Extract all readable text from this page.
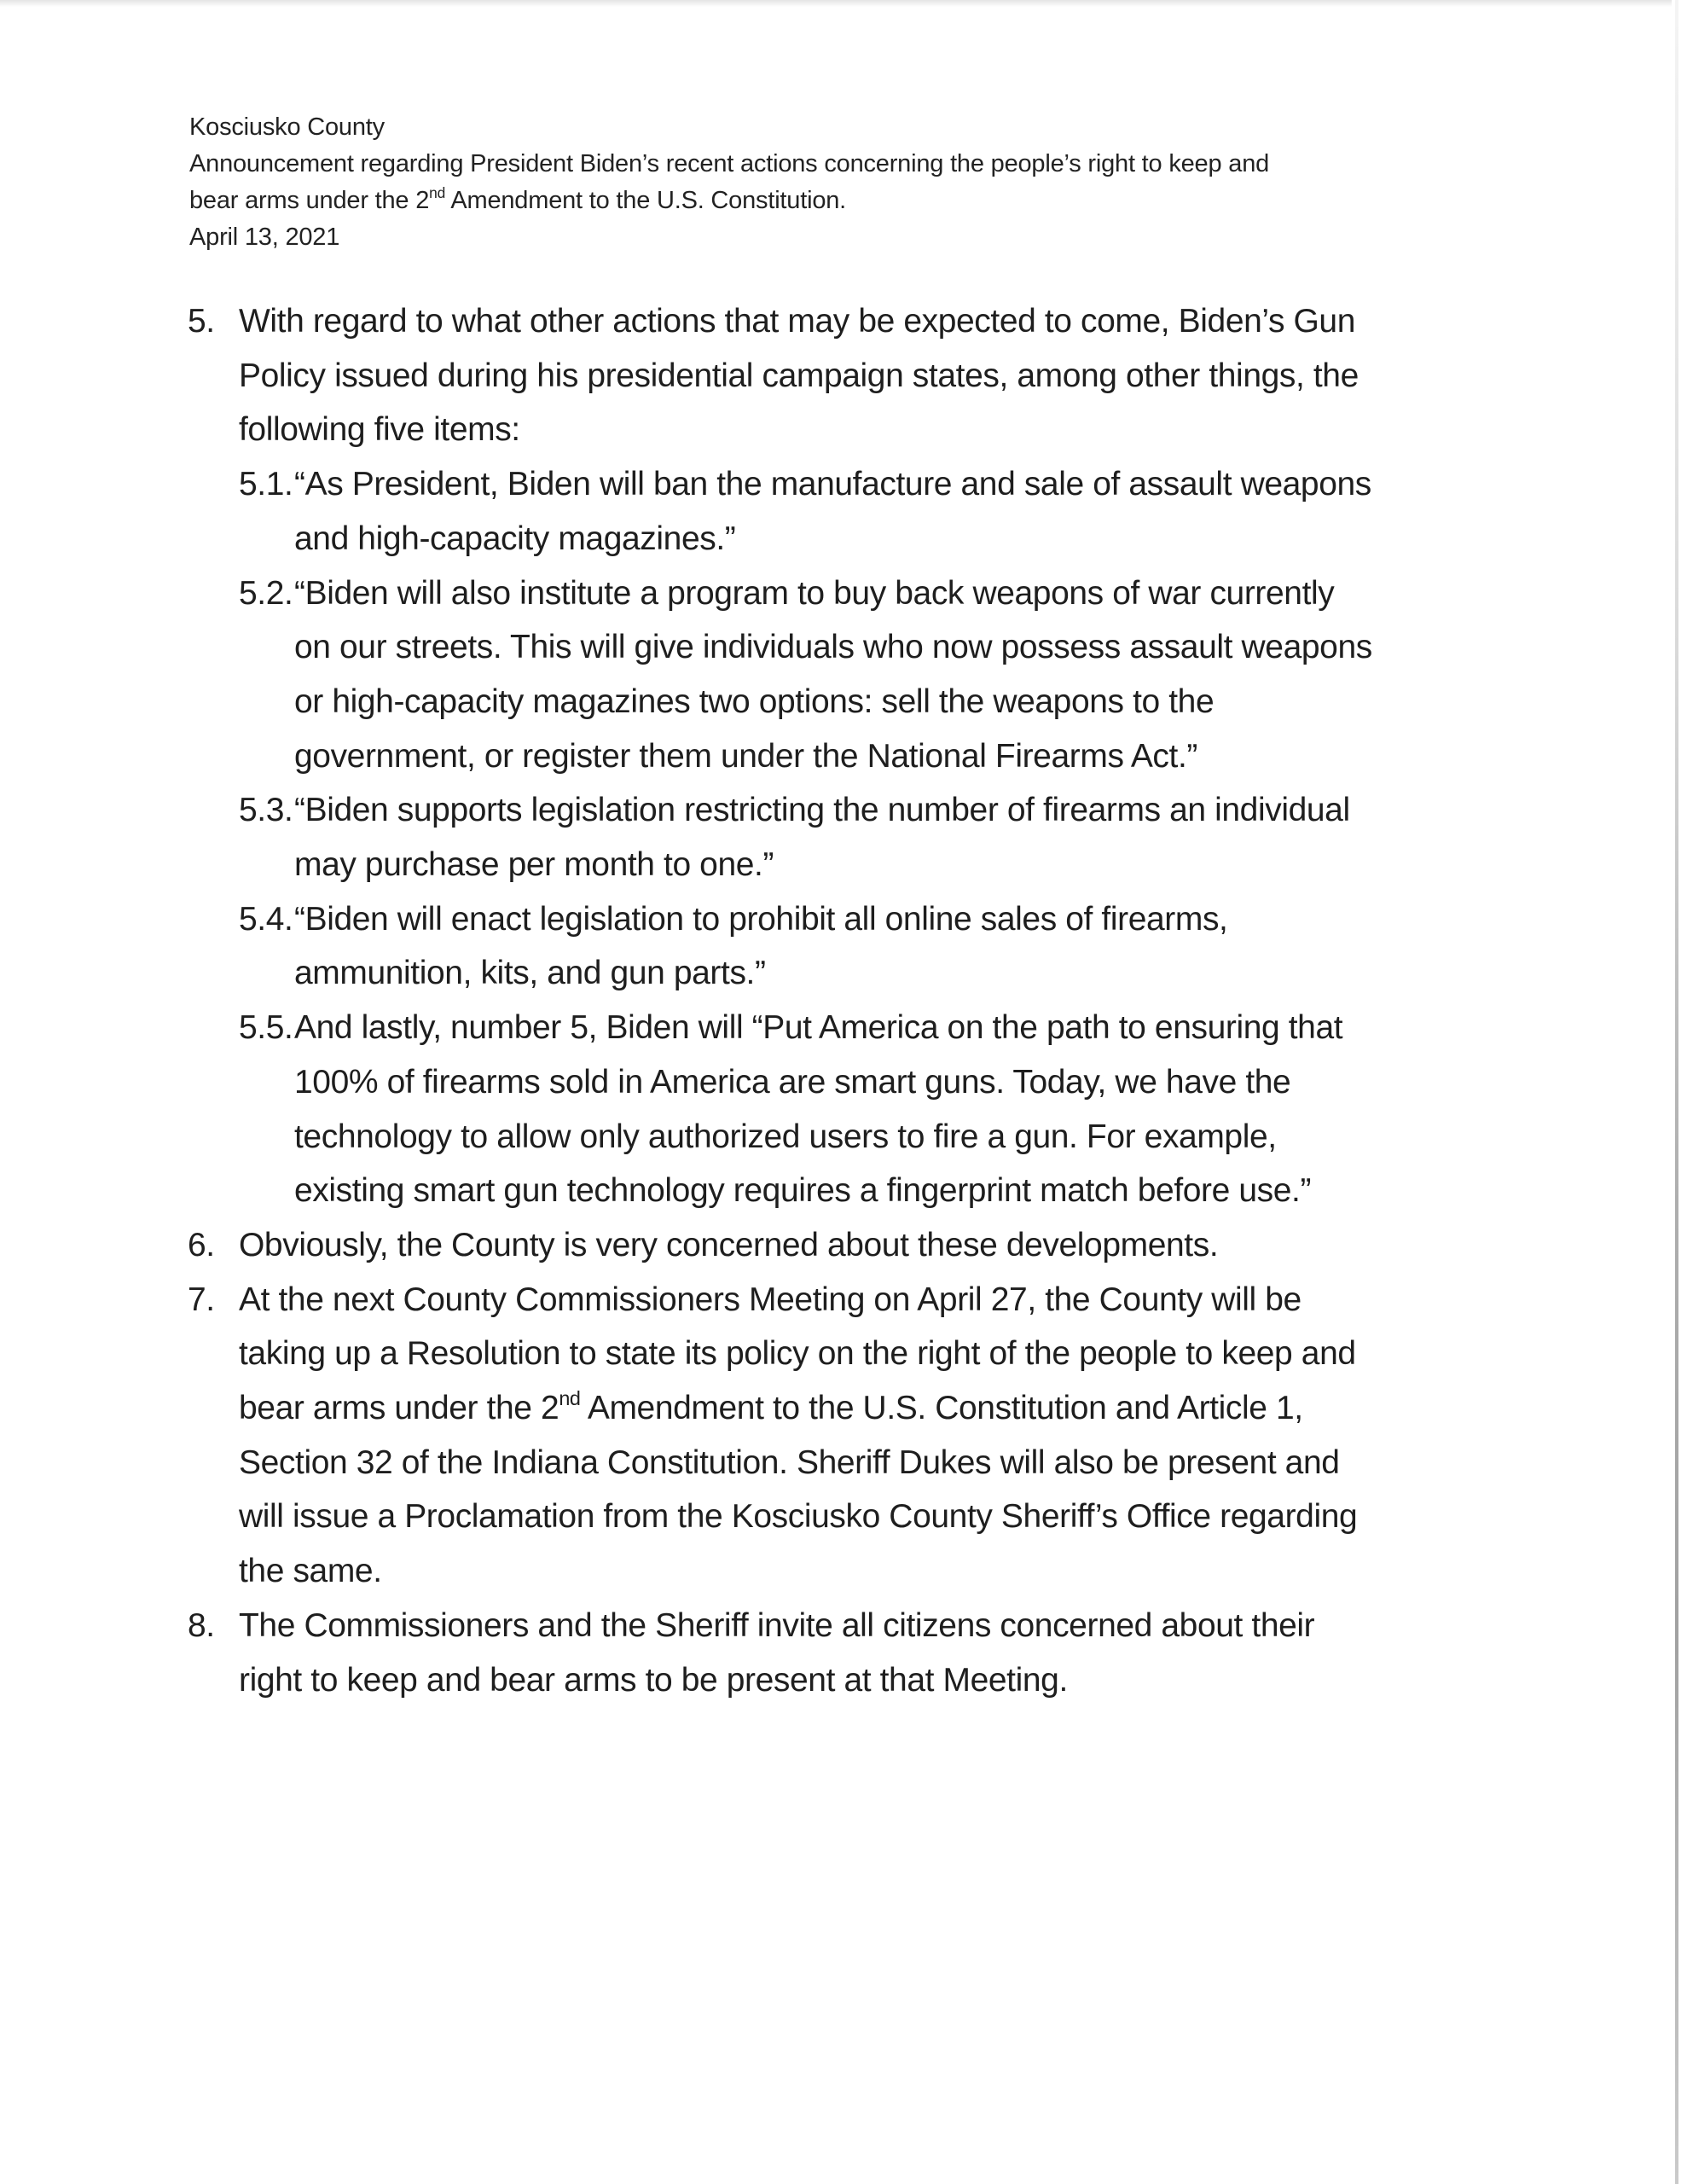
Kosciusko County
Announcement regarding President Biden’s recent actions concerning the people’s right to keep and
bear arms under the 2nd Amendment to the U.S. Constitution.
April 13, 2021
5. With regard to what other actions that may be expected to come, Biden’s Gun
Policy issued during his presidential campaign states, among other things, the
following five items:
5.1. “As President, Biden will ban the manufacture and sale of assault weapons
and high-capacity magazines.”
5.2. “Biden will also institute a program to buy back weapons of war currently
on our streets. This will give individuals who now possess assault weapons
or high-capacity magazines two options: sell the weapons to the
government, or register them under the National Firearms Act.”
5.3. “Biden supports legislation restricting the number of firearms an individual
may purchase per month to one.”
5.4. “Biden will enact legislation to prohibit all online sales of firearms,
ammunition, kits, and gun parts.”
5.5. And lastly, number 5, Biden will “Put America on the path to ensuring that
100% of firearms sold in America are smart guns. Today, we have the
technology to allow only authorized users to fire a gun. For example,
existing smart gun technology requires a fingerprint match before use.”
6. Obviously, the County is very concerned about these developments.
7. At the next County Commissioners Meeting on April 27, the County will be
taking up a Resolution to state its policy on the right of the people to keep and
bear arms under the 2nd Amendment to the U.S. Constitution and Article 1,
Section 32 of the Indiana Constitution. Sheriff Dukes will also be present and
will issue a Proclamation from the Kosciusko County Sheriff’s Office regarding
the same.
8. The Commissioners and the Sheriff invite all citizens concerned about their
right to keep and bear arms to be present at that Meeting.
